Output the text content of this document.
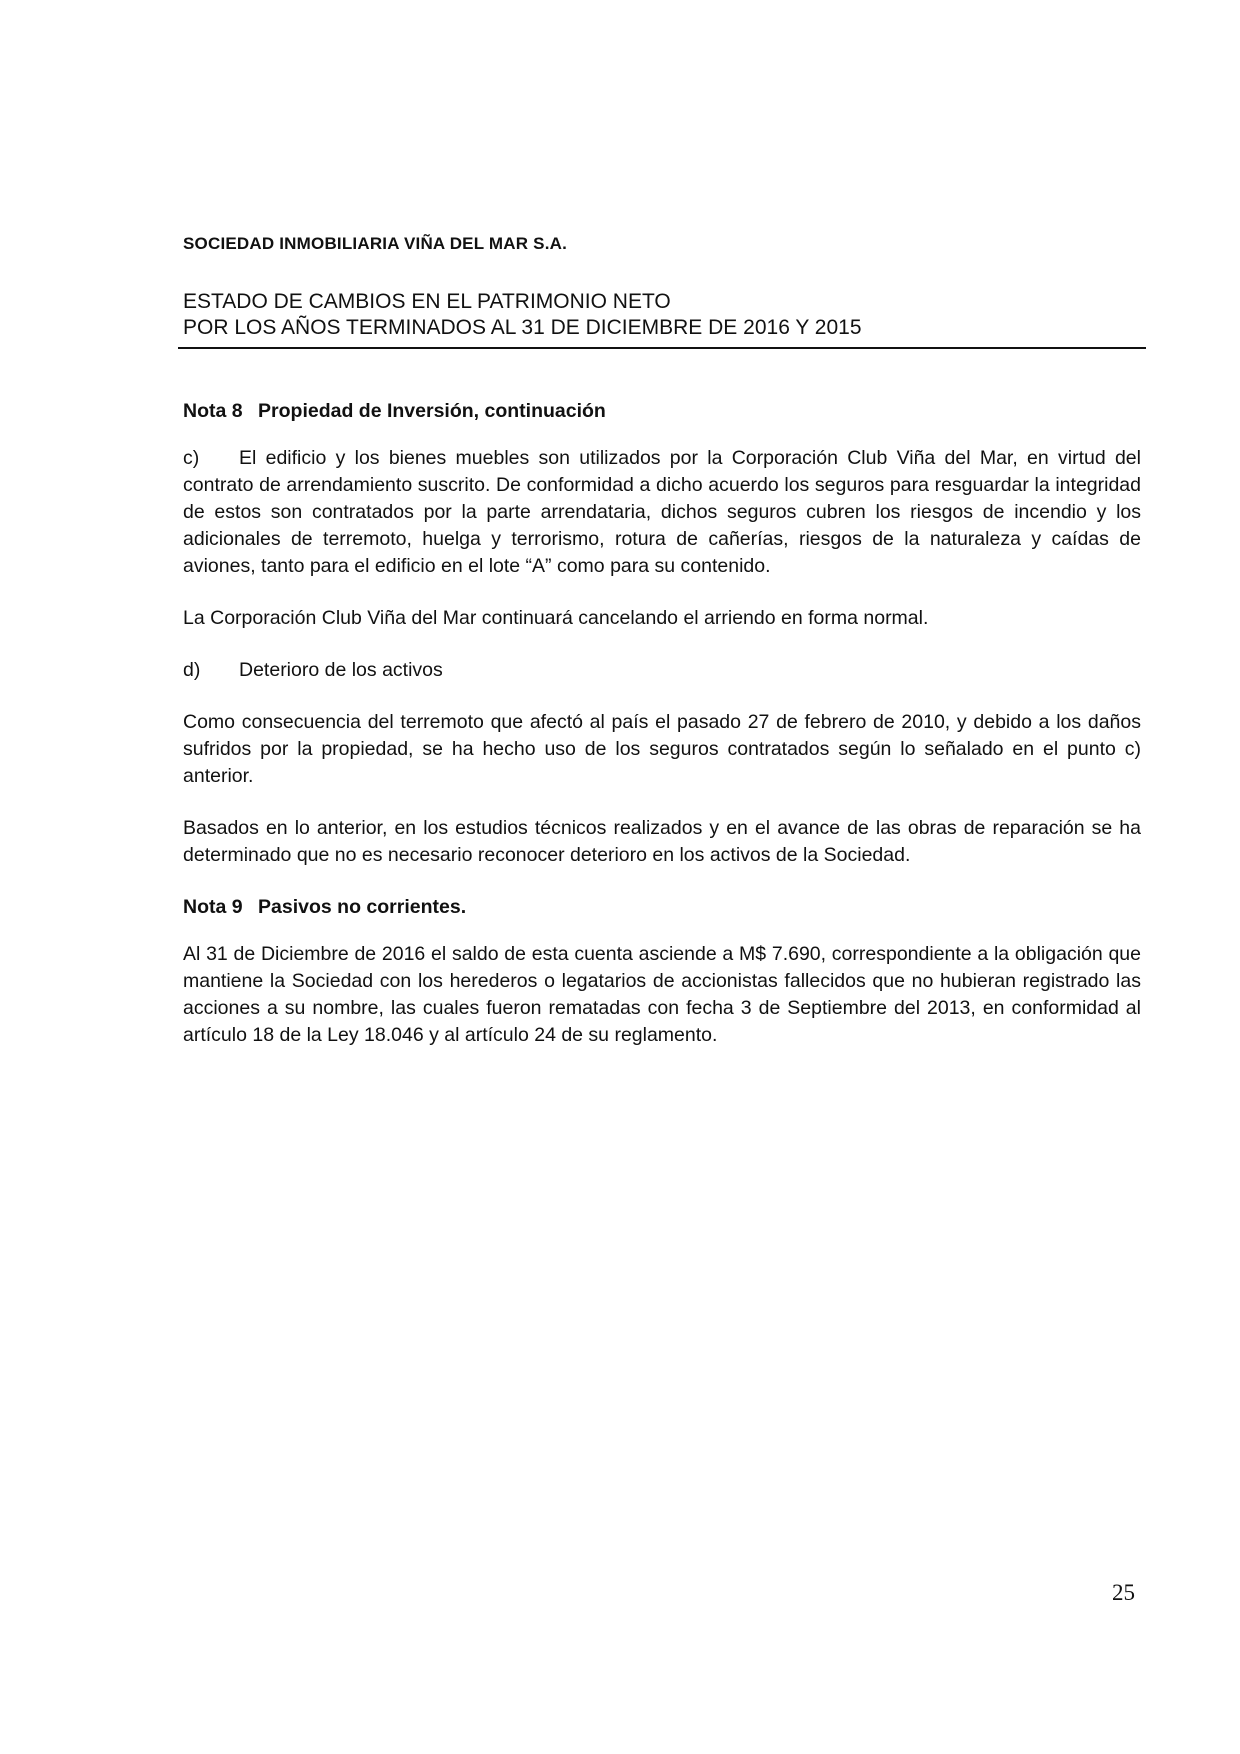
SOCIEDAD INMOBILIARIA VIÑA DEL MAR S.A.
ESTADO DE CAMBIOS EN EL PATRIMONIO NETO
POR LOS AÑOS TERMINADOS AL 31 DE DICIEMBRE DE 2016 Y 2015
Nota 8 Propiedad de Inversión, continuación

c) El edificio y los bienes muebles son utilizados por la Corporación Club Viña del Mar, en virtud del contrato de arrendamiento suscrito. De conformidad a dicho acuerdo los seguros para resguardar la integridad de estos son contratados por la parte arrendataria, dichos seguros cubren los riesgos de incendio y los adicionales de terremoto, huelga y terrorismo, rotura de cañerías, riesgos de la naturaleza y caídas de aviones, tanto para el edificio en el lote “A” como para su contenido.

La Corporación Club Viña del Mar continuará cancelando el arriendo en forma normal.

d) Deterioro de los activos

Como consecuencia del terremoto que afectó al país el pasado 27 de febrero de 2010, y debido a los daños sufridos por la propiedad, se ha hecho uso de los seguros contratados según lo señalado en el punto c) anterior.

Basados en lo anterior, en los estudios técnicos realizados y en el avance de las obras de reparación se ha determinado que no es necesario reconocer deterioro en los activos de la Sociedad.

Nota 9 Pasivos no corrientes.

Al 31 de Diciembre de 2016 el saldo de esta cuenta asciende a M$ 7.690, correspondiente a la obligación que mantiene la Sociedad con los herederos o legatarios de accionistas fallecidos que no hubieran registrado las acciones a su nombre, las cuales fueron rematadas con fecha 3 de Septiembre del 2013, en conformidad al artículo 18 de la Ley 18.046 y al artículo 24 de su reglamento.

25
